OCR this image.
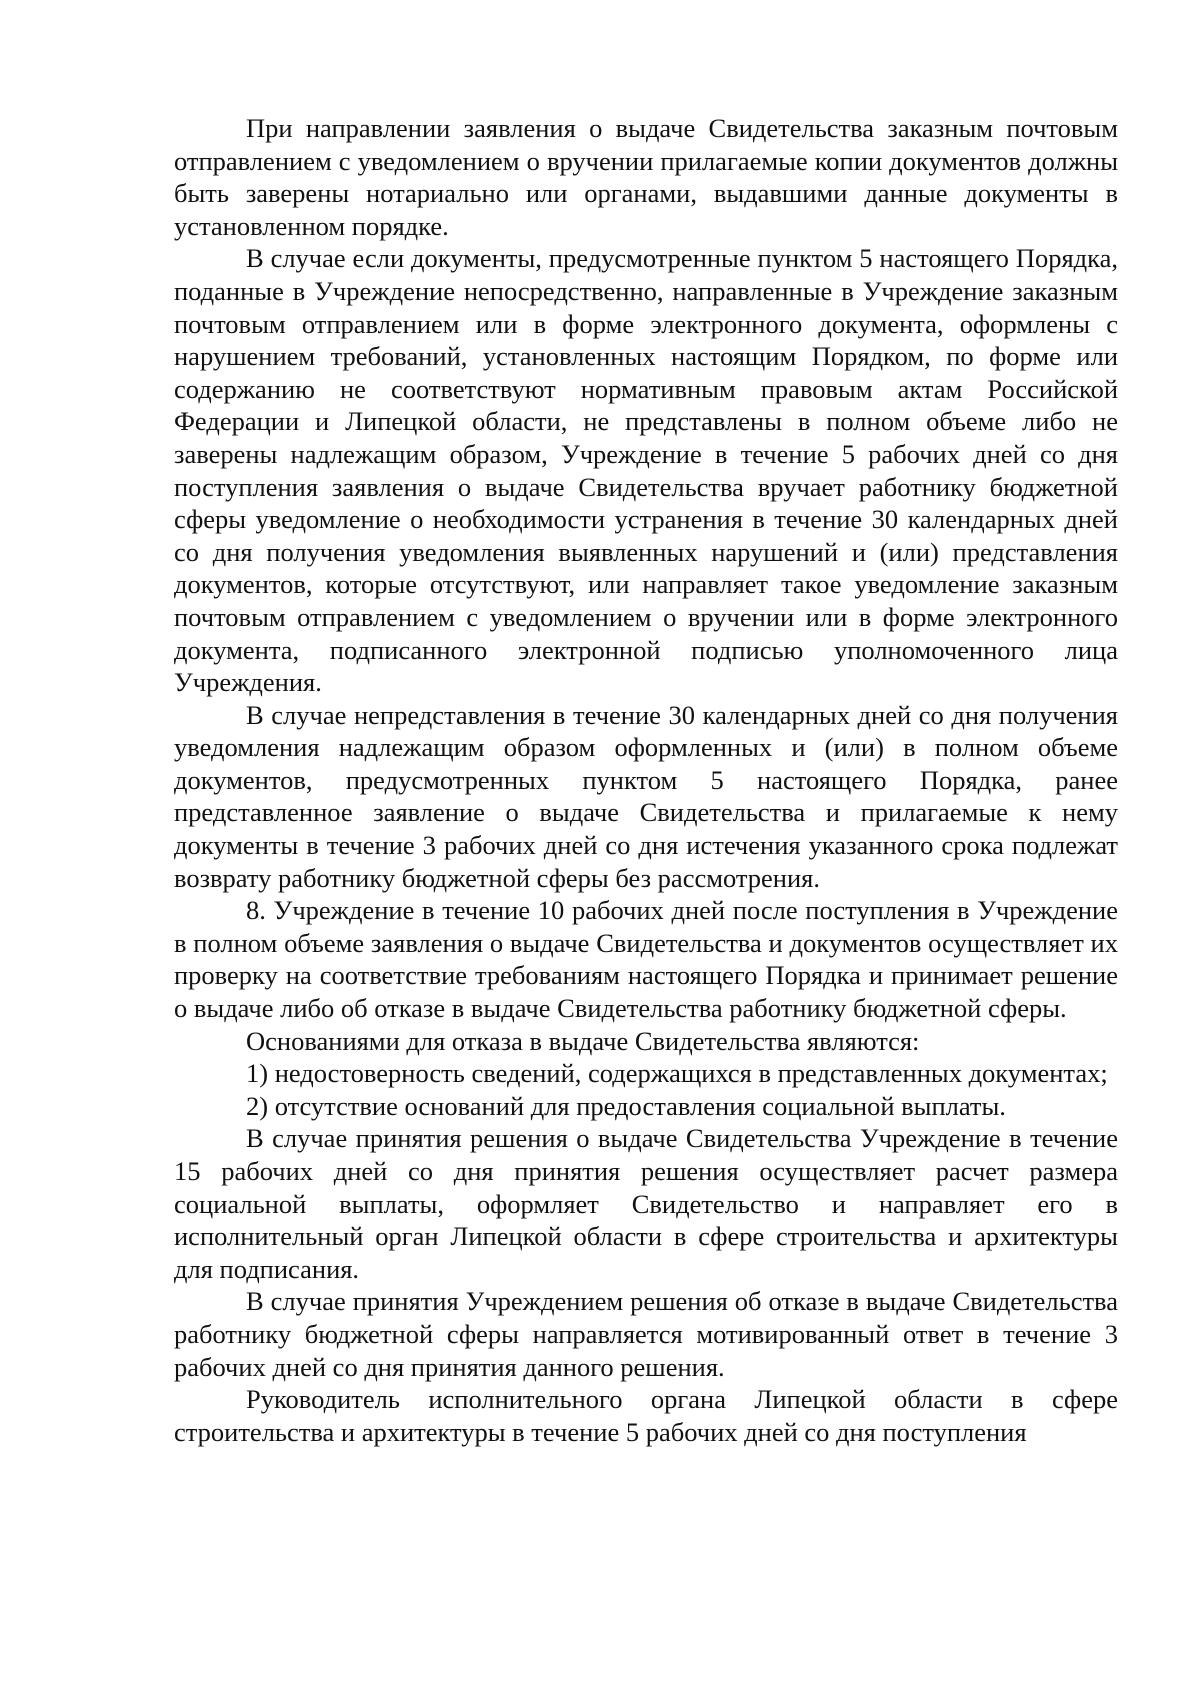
При направлении заявления о выдаче Свидетельства заказным почтовым отправлением с уведомлением о вручении прилагаемые копии документов должны быть заверены нотариально или органами, выдавшими данные документы в установленном порядке.

В случае если документы, предусмотренные пунктом 5 настоящего Порядка, поданные в Учреждение непосредственно, направленные в Учреждение заказным почтовым отправлением или в форме электронного документа, оформлены с нарушением требований, установленных настоящим Порядком, по форме или содержанию не соответствуют нормативным правовым актам Российской Федерации и Липецкой области, не представлены в полном объеме либо не заверены надлежащим образом, Учреждение в течение 5 рабочих дней со дня поступления заявления о выдаче Свидетельства вручает работнику бюджетной сферы уведомление о необходимости устранения в течение 30 календарных дней со дня получения уведомления выявленных нарушений и (или) представления документов, которые отсутствуют, или направляет такое уведомление заказным почтовым отправлением с уведомлением о вручении или в форме электронного документа, подписанного электронной подписью уполномоченного лица Учреждения.

В случае непредставления в течение 30 календарных дней со дня получения уведомления надлежащим образом оформленных и (или) в полном объеме документов, предусмотренных пунктом 5 настоящего Порядка, ранее представленное заявление о выдаче Свидетельства и прилагаемые к нему документы в течение 3 рабочих дней со дня истечения указанного срока подлежат возврату работнику бюджетной сферы без рассмотрения.

8. Учреждение в течение 10 рабочих дней после поступления в Учреждение в полном объеме заявления о выдаче Свидетельства и документов осуществляет их проверку на соответствие требованиям настоящего Порядка и принимает решение о выдаче либо об отказе в выдаче Свидетельства работнику бюджетной сферы.

Основаниями для отказа в выдаче Свидетельства являются:

1) недостоверность сведений, содержащихся в представленных документах;

2) отсутствие оснований для предоставления социальной выплаты.

В случае принятия решения о выдаче Свидетельства Учреждение в течение 15 рабочих дней со дня принятия решения осуществляет расчет размера социальной выплаты, оформляет Свидетельство и направляет его в исполнительный орган Липецкой области в сфере строительства и архитектуры для подписания.

В случае принятия Учреждением решения об отказе в выдаче Свидетельства работнику бюджетной сферы направляется мотивированный ответ в течение 3 рабочих дней со дня принятия данного решения.

Руководитель исполнительного органа Липецкой области в сфере строительства и архитектуры в течение 5 рабочих дней со дня поступления
